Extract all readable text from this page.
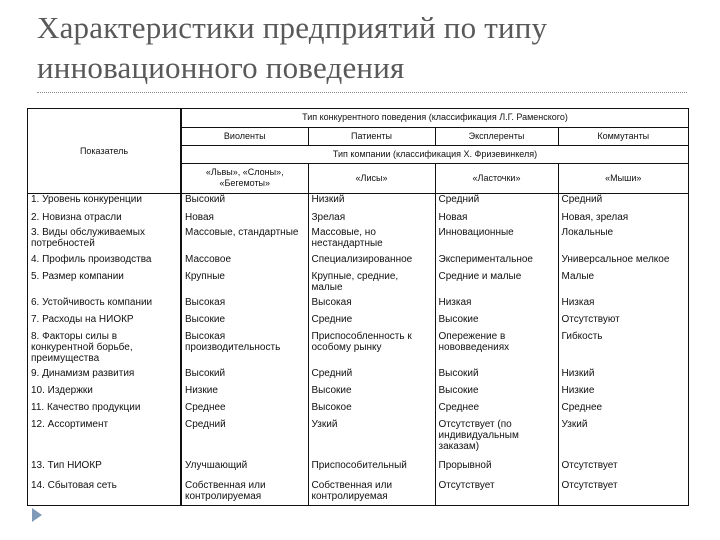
Характеристики предприятий по типу
инновационного поведения
Показатель	Тип конкурентного поведения (классификация Л.Г. Раменского)			
	Виоленты	Патиенты	Эксплеренты	Коммутанты
	Тип компании (классификация Х. Фризевинкеля)			
	«Львы», «Слоны», «Бегемоты»	«Лисы»	«Ласточки»	«Мыши»
1. Уровень конкуренции	Высокий	Низкий	Средний	Средний
2. Новизна отрасли	Новая	Зрелая	Новая	Новая, зрелая
3. Виды обслуживаемых потребностей	Массовые, стандартные	Массовые, но нестандартные	Инновационные	Локальные
4. Профиль производства	Массовое	Специализированное	Экспериментальное	Универсальное мелкое
5. Размер компании	Крупные	Крупные, средние, малые	Средние и малые	Малые
6. Устойчивость компании	Высокая	Высокая	Низкая	Низкая
7. Расходы на НИОКР	Высокие	Средние	Высокие	Отсутствуют
8. Факторы силы в конкурентной борьбе, преимущества	Высокая производительность	Приспособленность к особому рынку	Опережение в нововведениях	Гибкость
9. Динамизм развития	Высокий	Средний	Высокий	Низкий
10. Издержки	Низкие	Высокие	Высокие	Низкие
11. Качество продукции	Среднее	Высокое	Среднее	Среднее
12. Ассортимент	Средний	Узкий	Отсутствует (по индивидуальным заказам)	Узкий
13. Тип НИОКР	Улучшающий	Приспособительный	Прорывной	Отсутствует
14. Сбытовая сеть	Собственная или контролируемая	Собственная или контролируемая	Отсутствует	Отсутствует
